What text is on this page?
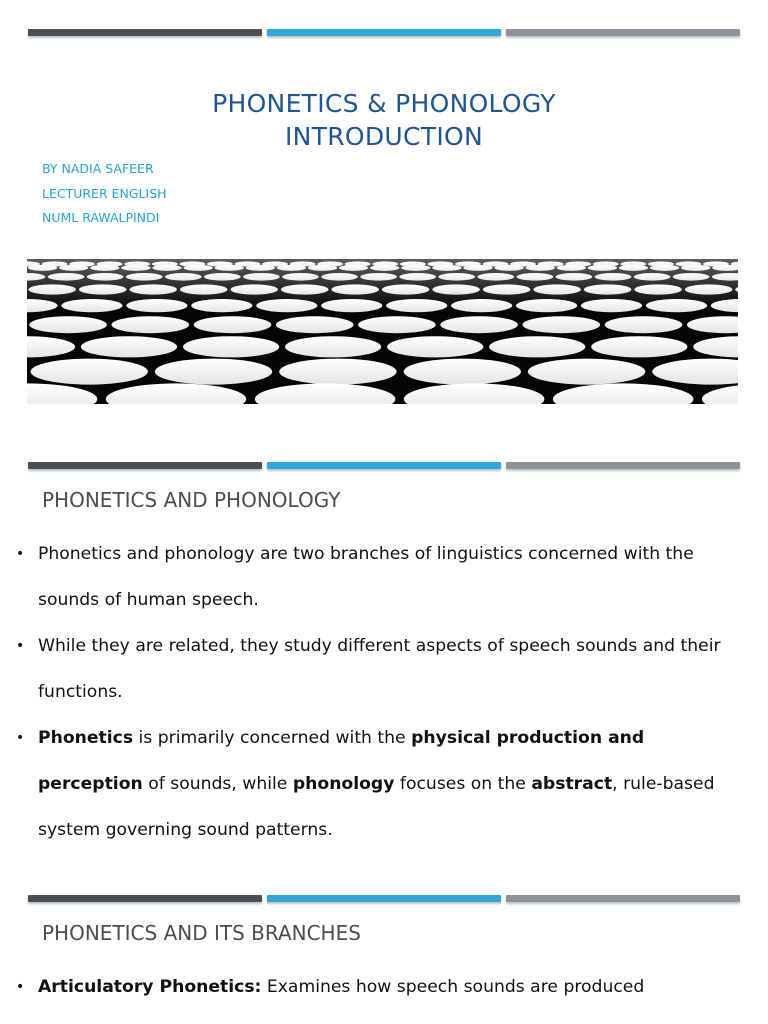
PHONETICS & PHONOLOGY
INTRODUCTION
BY NADIA SAFEER
LECTURER ENGLISH
NUML RAWALPINDI
PHONETICS AND PHONOLOGY
• Phonetics and phonology are two branches of linguistics concerned with the sounds of human speech.
• While they are related, they study different aspects of speech sounds and their functions.
• Phonetics is primarily concerned with the physical production and perception of sounds, while phonology focuses on the abstract, rule-based system governing sound patterns.
PHONETICS AND ITS BRANCHES
• Articulatory Phonetics: Examines how speech sounds are produced
